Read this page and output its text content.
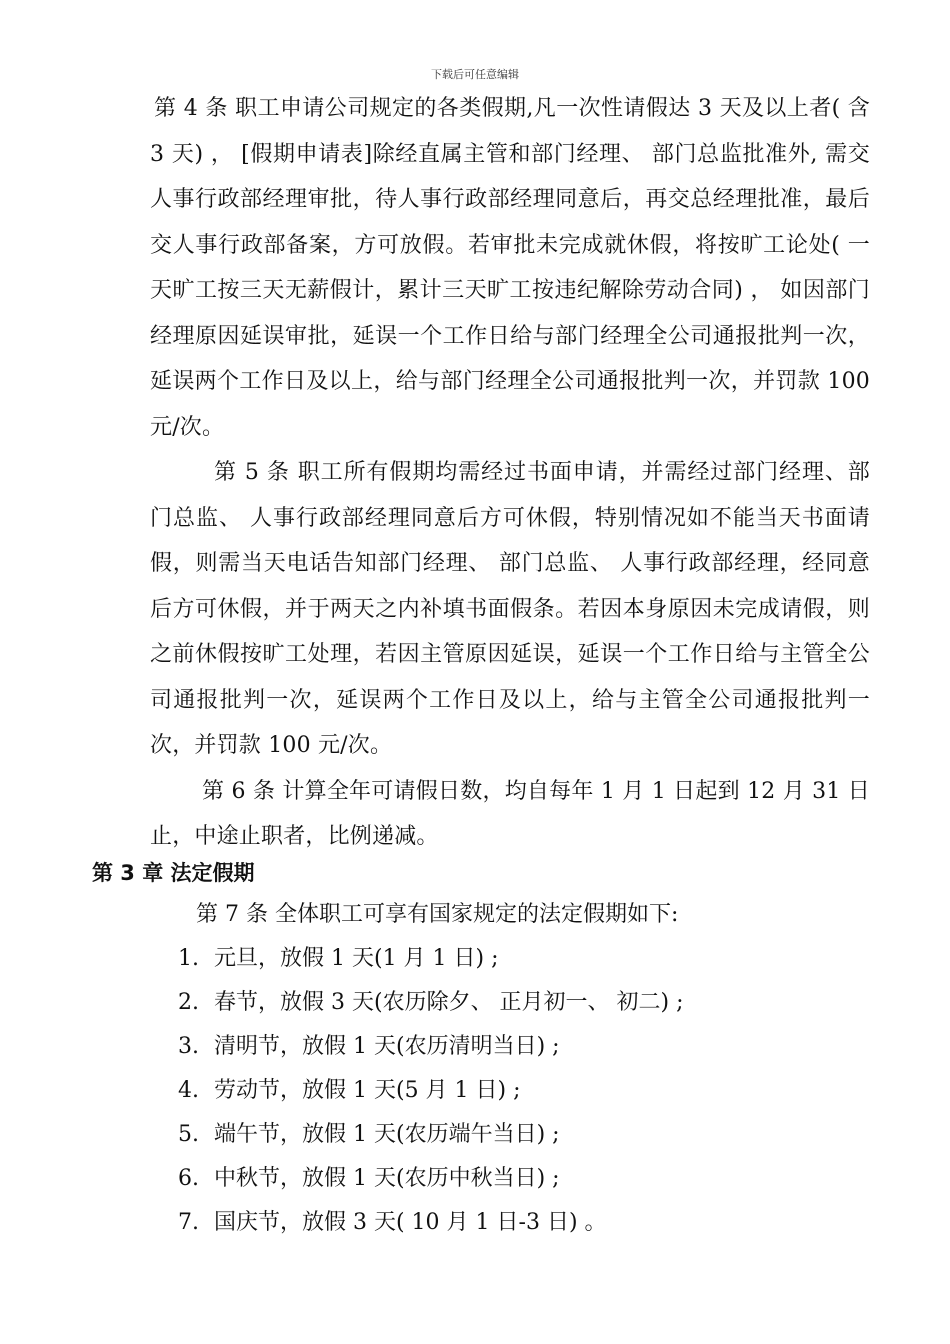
下载后可任意编辑

第 4 条 职工申请公司规定的各类假期,凡一次性请假达 3 天及以上者( 含 3 天) ， [假期申请表]除经直属主管和部门经理、 部门总监批准外, 需交人事行政部经理审批，待人事行政部经理同意后，再交总经理批准，最后交人事行政部备案，方可放假。若审批未完成就休假，将按旷工论处( 一天旷工按三天无薪假计，累计三天旷工按违纪解除劳动合同) ， 如因部门经理原因延误审批，延误一个工作日给与部门经理全公司通报批判一次，延误两个工作日及以上，给与部门经理全公司通报批判一次，并罚款 100 元/次。

第 5 条 职工所有假期均需经过书面申请，并需经过部门经理、部门总监、 人事行政部经理同意后方可休假，特别情况如不能当天书面请假，则需当天电话告知部门经理、 部门总监、 人事行政部经理，经同意后方可休假，并于两天之内补填书面假条。若因本身原因未完成请假，则之前休假按旷工处理，若因主管原因延误，延误一个工作日给与主管全公司通报批判一次，延误两个工作日及以上，给与主管全公司通报批判一次，并罚款 100 元/次。

第 6 条 计算全年可请假日数，均自每年 1 月 1 日起到 12 月 31 日止，中途止职者，比例递减。

第 3 章 法定假期
第 7 条 全体职工可享有国家规定的法定假期如下:
1. 元旦，放假 1 天(1 月 1 日) ;
2. 春节，放假 3 天(农历除夕、 正月初一、 初二) ;
3. 清明节，放假 1 天(农历清明当日) ;
4. 劳动节，放假 1 天(5 月 1 日) ;
5. 端午节，放假 1 天(农历端午当日) ;
6. 中秋节，放假 1 天(农历中秋当日) ;
7. 国庆节，放假 3 天( 10 月 1 日-3 日) 。
